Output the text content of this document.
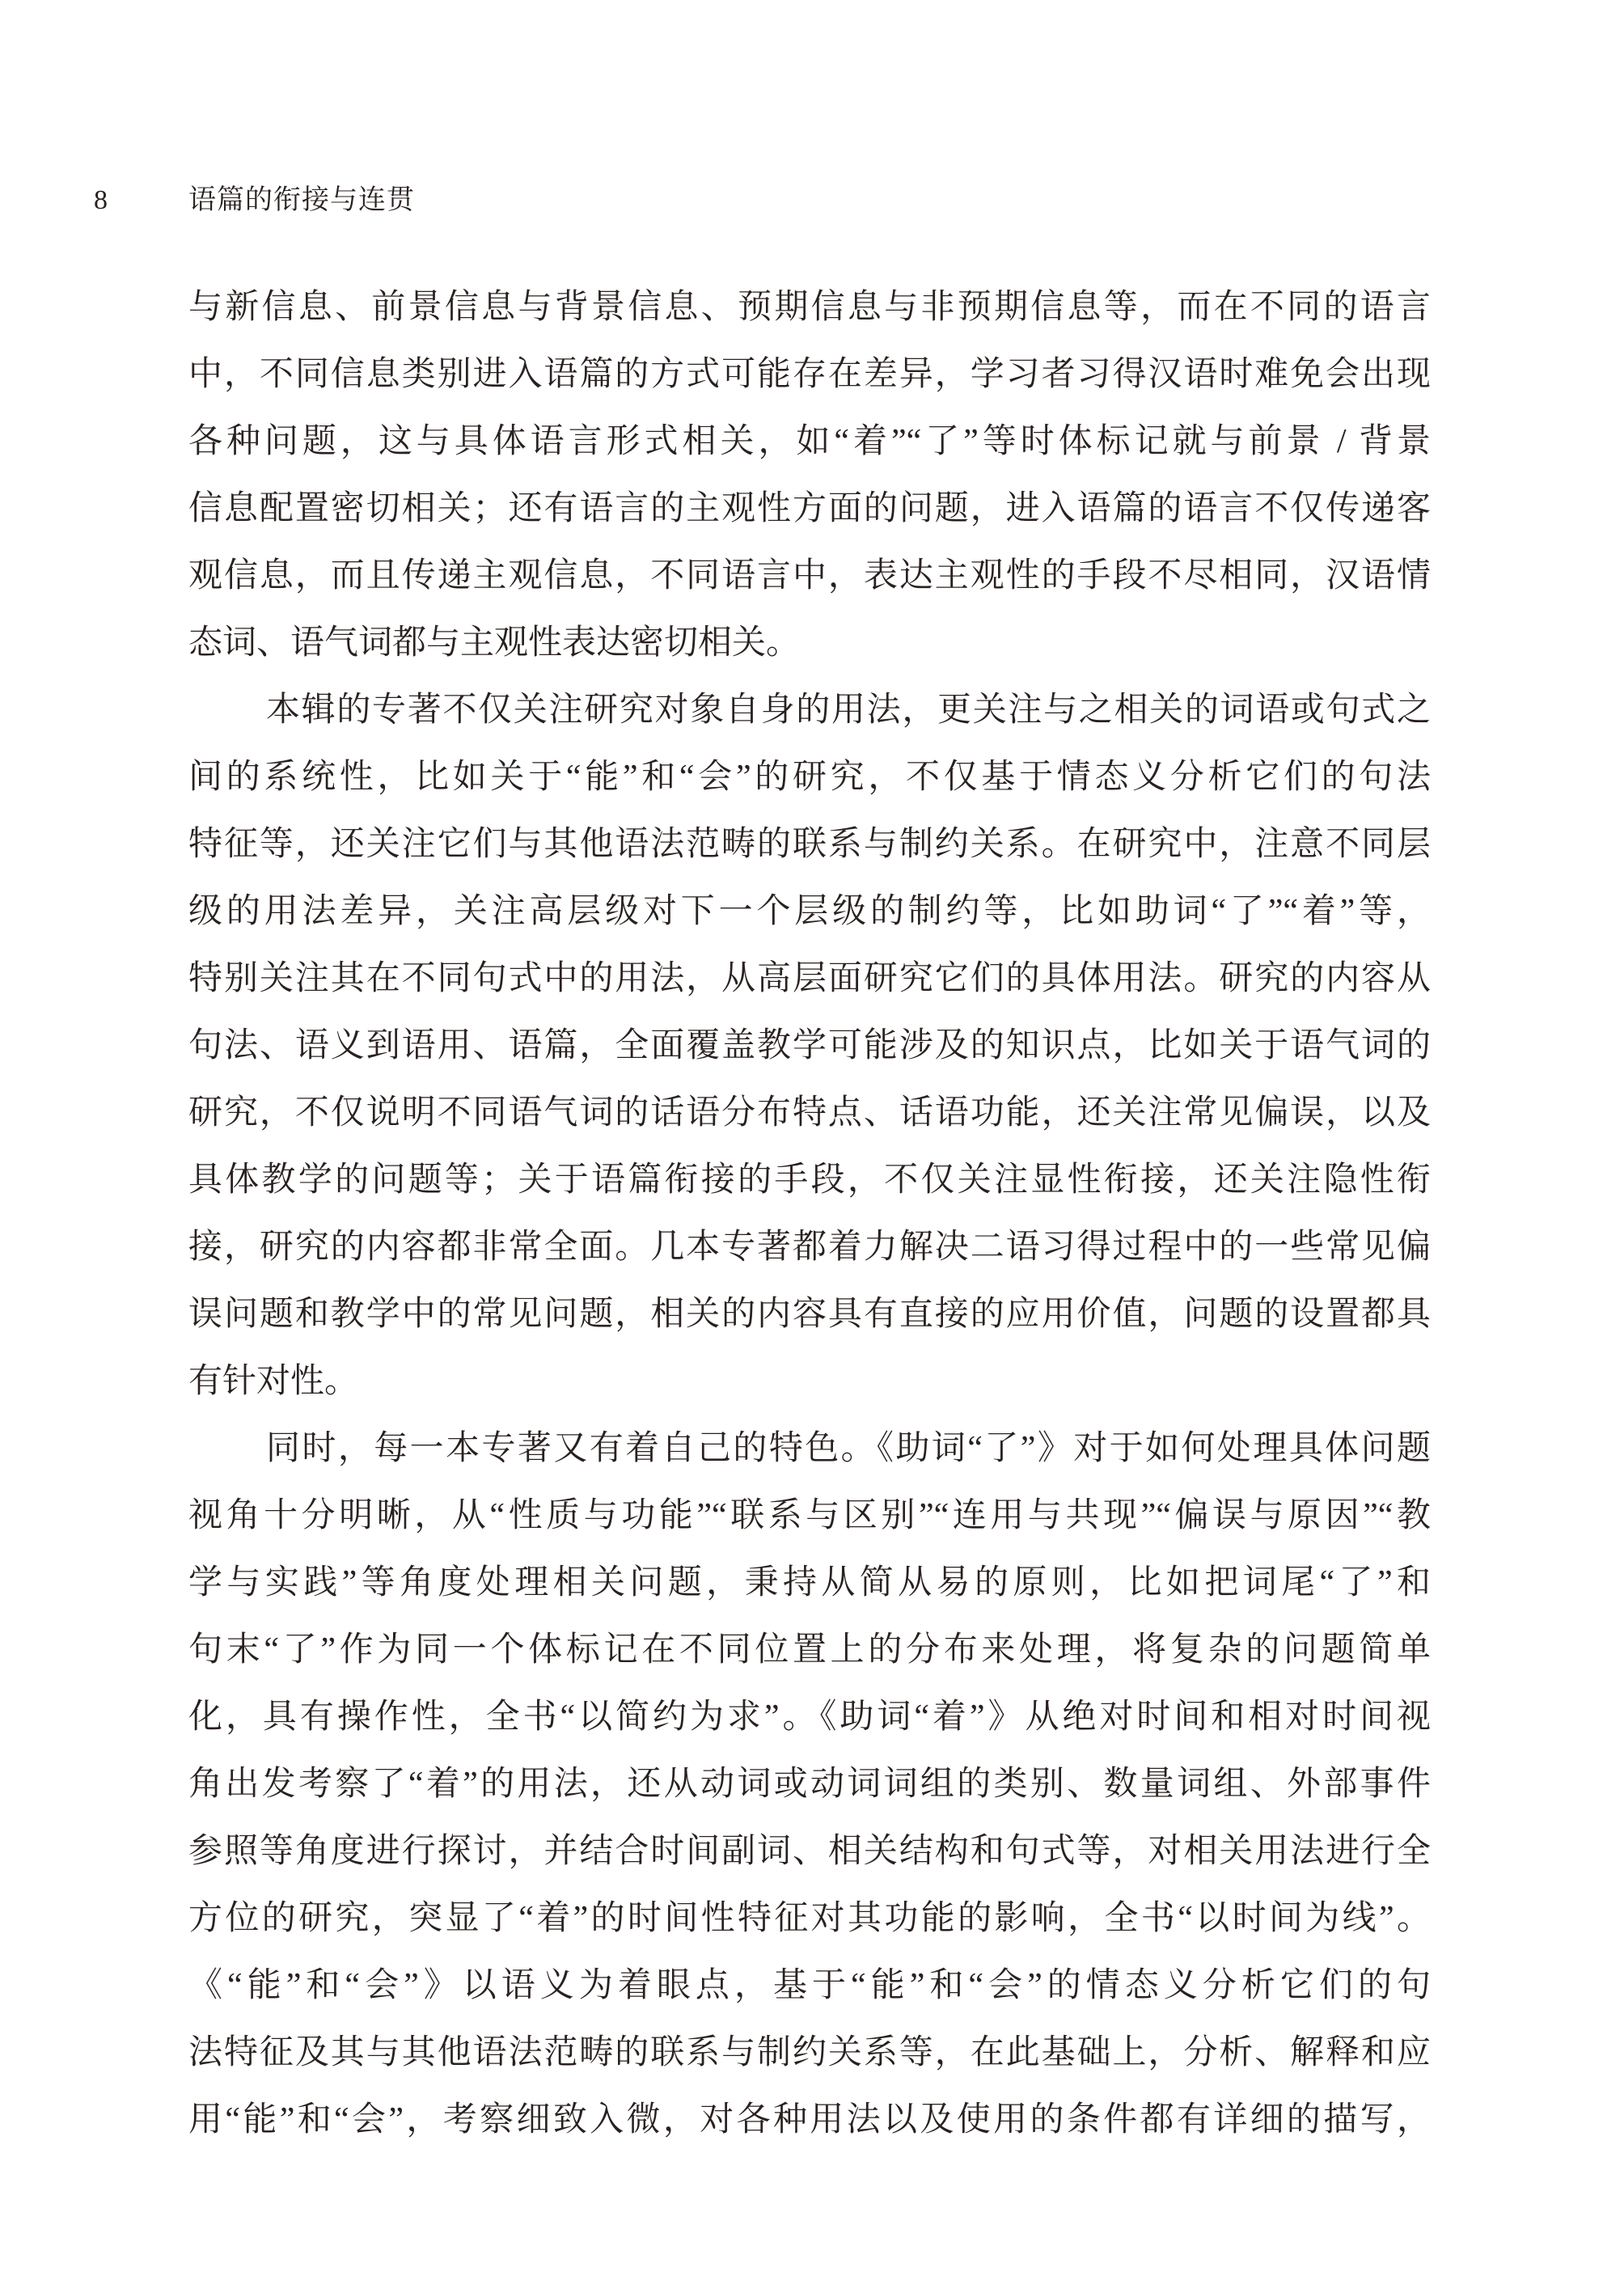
8	语篇的衔接与连贯
与新信息、前景信息与背景信息、预期信息与非预期信息等，而在不同的语言
中，不同信息类别进入语篇的方式可能存在差异，学习者习得汉语时难免会出现
各种问题，这与具体语言形式相关，如“着”“了”等时体标记就与前景 / 背景
信息配置密切相关；还有语言的主观性方面的问题，进入语篇的语言不仅传递客
观信息，而且传递主观信息，不同语言中，表达主观性的手段不尽相同，汉语情
态词、语气词都与主观性表达密切相关。
本辑的专著不仅关注研究对象自身的用法，更关注与之相关的词语或句式之
间的系统性，比如关于“能”和“会”的研究，不仅基于情态义分析它们的句法
特征等，还关注它们与其他语法范畴的联系与制约关系。在研究中，注意不同层
级的用法差异，关注高层级对下一个层级的制约等，比如助词“了”“着”等，
特别关注其在不同句式中的用法，从高层面研究它们的具体用法。研究的内容从
句法、语义到语用、语篇，全面覆盖教学可能涉及的知识点，比如关于语气词的
研究，不仅说明不同语气词的话语分布特点、话语功能，还关注常见偏误，以及
具体教学的问题等；关于语篇衔接的手段，不仅关注显性衔接，还关注隐性衔
接，研究的内容都非常全面。几本专著都着力解决二语习得过程中的一些常见偏
误问题和教学中的常见问题，相关的内容具有直接的应用价值，问题的设置都具
有针对性。
同时，每一本专著又有着自己的特色。《助词“了”》对于如何处理具体问题
视角十分明晰，从“性质与功能”“联系与区别”“连用与共现”“偏误与原因”“教
学与实践”等角度处理相关问题，秉持从简从易的原则，比如把词尾“了”和
句末“了”作为同一个体标记在不同位置上的分布来处理，将复杂的问题简单
化，具有操作性，全书“以简约为求”。《助词“着”》从绝对时间和相对时间视
角出发考察了“着”的用法，还从动词或动词词组的类别、数量词组、外部事件
参照等角度进行探讨，并结合时间副词、相关结构和句式等，对相关用法进行全
方位的研究，突显了“着”的时间性特征对其功能的影响，全书“以时间为线”。
《“能”和“会”》以语义为着眼点，基于“能”和“会”的情态义分析它们的句
法特征及其与其他语法范畴的联系与制约关系等，在此基础上，分析、解释和应
用“能”和“会”，考察细致入微，对各种用法以及使用的条件都有详细的描写，
